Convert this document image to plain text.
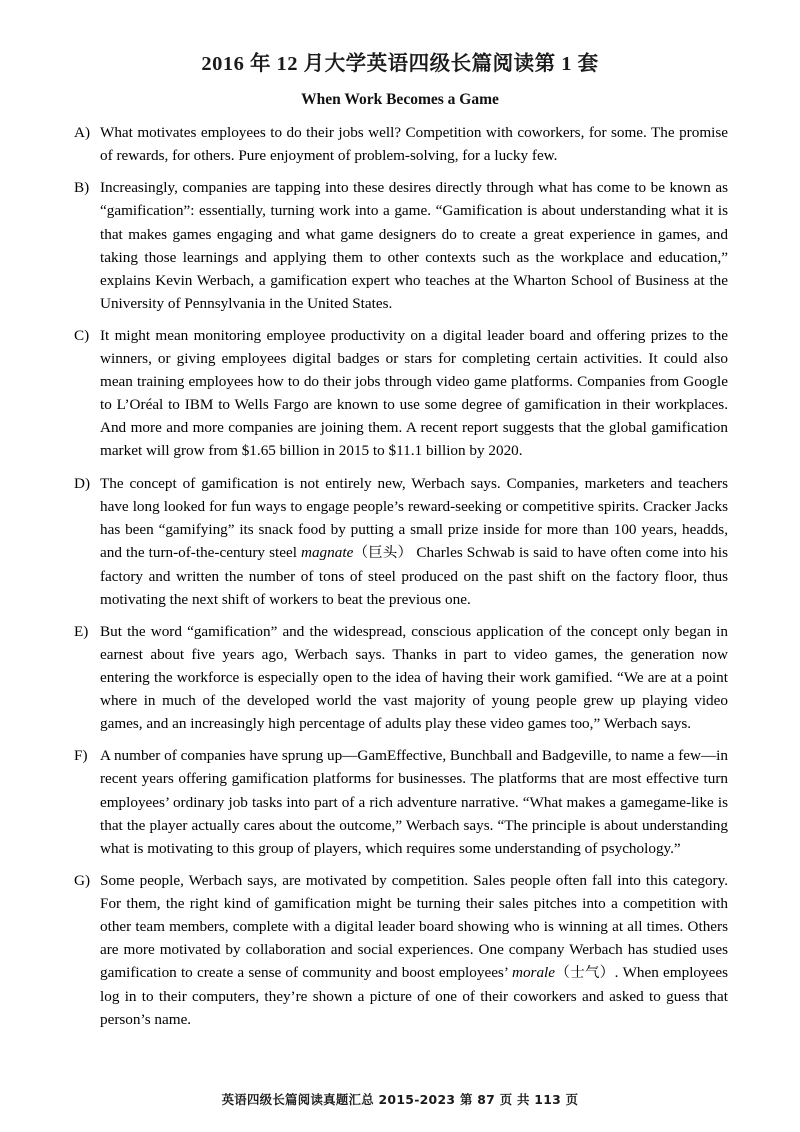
2016 年 12 月大学英语四级长篇阅读第 1 套
When Work Becomes a Game
A) What motivates employees to do their jobs well? Competition with coworkers, for some. The promise of rewards, for others. Pure enjoyment of problem-solving, for a lucky few.
B) Increasingly, companies are tapping into these desires directly through what has come to be known as “gamification”: essentially, turning work into a game. “Gamification is about understanding what it is that makes games engaging and what game designers do to create a great experience in games, and taking those learnings and applying them to other contexts such as the workplace and education,” explains Kevin Werbach, a gamification expert who teaches at the Wharton School of Business at the University of Pennsylvania in the United States.
C) It might mean monitoring employee productivity on a digital leader board and offering prizes to the winners, or giving employees digital badges or stars for completing certain activities. It could also mean training employees how to do their jobs through video game platforms. Companies from Google to L’Oréal to IBM to Wells Fargo are known to use some degree of gamification in their workplaces. And more and more companies are joining them. A recent report suggests that the global gamification market will grow from $1.65 billion in 2015 to $11.1 billion by 2020.
D) The concept of gamification is not entirely new, Werbach says. Companies, marketers and teachers have long looked for fun ways to engage people’s reward-seeking or competitive spirits. Cracker Jacks has been “gamifying” its snack food by putting a small prize inside for more than 100 years, headds, and the turn-of-the-century steel magnate（巨头） Charles Schwab is said to have often come into his factory and written the number of tons of steel produced on the past shift on the factory floor, thus motivating the next shift of workers to beat the previous one.
E) But the word “gamification” and the widespread, conscious application of the concept only began in earnest about five years ago, Werbach says. Thanks in part to video games, the generation now entering the workforce is especially open to the idea of having their work gamified. “We are at a point where in much of the developed world the vast majority of young people grew up playing video games, and an increasingly high percentage of adults play these video games too,” Werbach says.
F) A number of companies have sprung up—GamEffective, Bunchball and Badgeville, to name a few—in recent years offering gamification platforms for businesses. The platforms that are most effective turn employees’ ordinary job tasks into part of a rich adventure narrative. “What makes a gamegame-like is that the player actually cares about the outcome,” Werbach says. “The principle is about understanding what is motivating to this group of players, which requires some understanding of psychology.”
G) Some people, Werbach says, are motivated by competition. Sales people often fall into this category. For them, the right kind of gamification might be turning their sales pitches into a competition with other team members, complete with a digital leader board showing who is winning at all times. Others are more motivated by collaboration and social experiences. One company Werbach has studied uses gamification to create a sense of community and boost employees’ morale（士气）. When employees log in to their computers, they’re shown a picture of one of their coworkers and asked to guess that person’s name.
英语四级长篇阅读真题汇总 2015-2023 第 87 页 共 113 页
